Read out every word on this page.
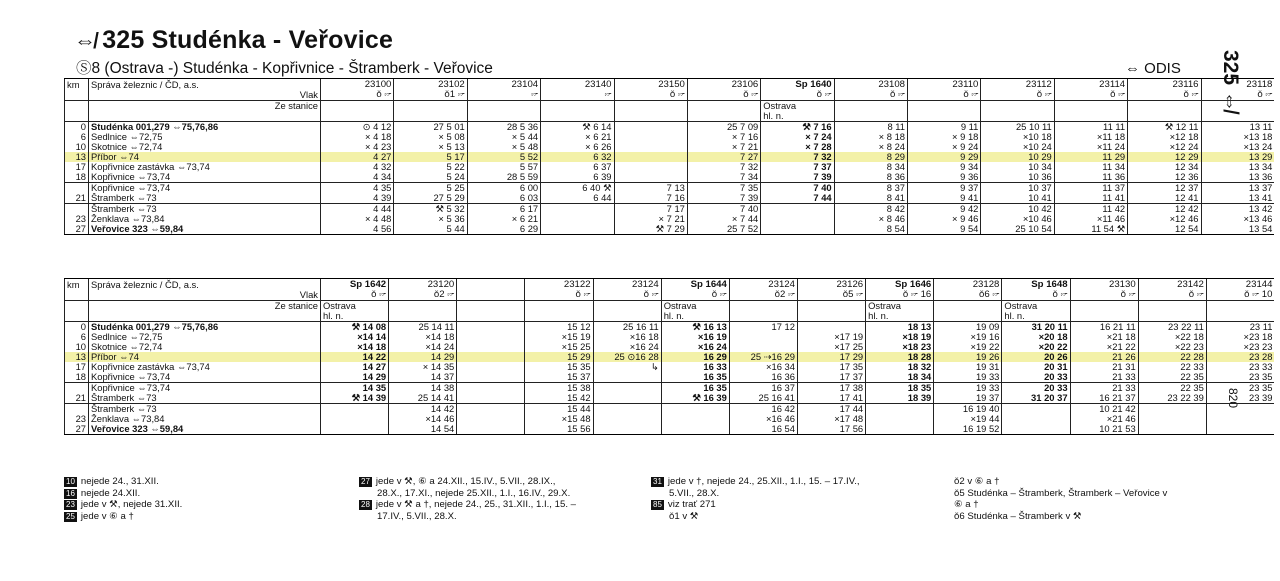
⇎ 325 Studénka - Veřovice
Ⓢ8 (Ostrava -) Studénka - Kopřivnice - Štramberk - Veřovice	⇔ ODIS 325 ⇎
820
km	Správa železnic / ČD, a.s.	23100	23102	23104	23140	23150	23106	Sp 1640	23108	23110	23112	23114	23116	23118
	Vlak	ǒ 🖙	ǒ1 🖙	🖙	🖙	ǒ 🖙	ǒ 🖙	ǒ 🖙	ǒ 🖙	ǒ 🖙	ǒ 🖙	ǒ 🖙	ǒ 🖙	ǒ 🖙
	Ze stanice							Ostrava						
								hl. n.						
0	Studénka 001,279 ⇔75,76,86	⊙ 4 12	27 5 01	28 5 36	⚒ 6 14		25 7 09	⚒ 7 16	8 11	9 11	25 10 11	11 11	⚒ 12 11	13 11
6	Sedlnice ⇔72,75	× 4 18	× 5 08	× 5 44	× 6 21		× 7 16	× 7 24	× 8 18	× 9 18	×10 18	×11 18	×12 18	×13 18
10	Skotnice ⇔72,74	× 4 23	× 5 13	× 5 48	× 6 26		× 7 21	× 7 28	× 8 24	× 9 24	×10 24	×11 24	×12 24	×13 24
13	Příbor ⇔74	4 27	5 17	5 52	6 32		7 27	7 32	8 29	9 29	10 29	11 29	12 29	13 29
17	Kopřivnice zastávka ⇔73,74	4 32	5 22	5 57	6 37		7 32	7 37	8 34	9 34	10 34	11 34	12 34	13 34
18	Kopřivnice ⇔73,74	4 34	5 24	28 5 59	6 39		7 34	7 39	8 36	9 36	10 36	11 36	12 36	13 36
	Kopřivnice ⇔73,74	4 35	5 25	6 00	6 40 ⚒	7 13	7 35	7 40	8 37	9 37	10 37	11 37	12 37	13 37
21	Štramberk ⇔73	4 39	27 5 29	6 03	6 44	7 16	7 39	7 44	8 41	9 41	10 41	11 41	12 41	13 41
	Štramberk ⇔73	4 44	⚒ 5 32	6 17		7 17	7 40		8 42	9 42	10 42	11 42	12 42	13 42
23	Ženklava ⇔73,84	× 4 48	× 5 36	× 6 21		× 7 21	× 7 44		× 8 46	× 9 46	×10 46	×11 46	×12 46	×13 46
27	Veřovice 323 ⇔59,84	4 56	5 44	6 29		⚒ 7 29	25 7 52		8 54	9 54	25 10 54	11 54 ⚒	12 54	13 54
km	Správa železnic / ČD, a.s.	Sp 1642	23120		23122	23124	Sp 1644	23124	23126	Sp 1646	23128	Sp 1648	23130	23142	23144
	Vlak	ǒ 🖙	ǒ2 🖙		ǒ 🖙	ǒ 🖙	ǒ 🖙	ǒ2 🖙	ǒ5 🖙	ǒ 🖙 16	ǒ6 🖙	ǒ 🖙	ǒ 🖙	ǒ 🖙	ǒ 🖙 10
	Ze stanice	Ostrava					Ostrava			Ostrava		Ostrava			
		hl. n.					hl. n.			hl. n.		hl. n.			
0	Studénka 001,279 ⇔75,76,86	⚒ 14 08	25 14 11		15 12	25 16 11	⚒ 16 13	17 12		18 13	19 09	31 20 11	16 21 11	23 22 11	23 11
6	Sedlnice ⇔72,75	×14 14	×14 18		×15 19	×16 18	×16 19		×17 19	×18 19	×19 16	×20 18	×21 18	×22 18	×23 18
10	Skotnice ⇔72,74	×14 18	×14 24		×15 25	×16 24	×16 24		×17 25	×18 23	×19 22	×20 22	×21 22	×22 23	×23 23
13	Příbor ⇔74	14 22	14 29		15 29	25 ⊙16 28	16 29	25 ⇢16 29	17 29	18 28	19 26	20 26	21 26	22 28	23 28
17	Kopřivnice zastávka ⇔73,74	14 27	× 14 35		15 35	↳	16 33	×16 34	17 35	18 32	19 31	20 31	21 31	22 33	23 33
18	Kopřivnice ⇔73,74	14 29	14 37		15 37		16 35	16 36	17 37	18 34	19 33	20 33	21 33	22 35	23 35
	Kopřivnice ⇔73,74	14 35	14 38		15 38		16 35	16 37	17 38	18 35	19 33	20 33	21 33	22 35	23 35
21	Štramberk ⇔73	⚒ 14 39	25 14 41		15 42		⚒ 16 39	25 16 41	17 41	18 39	19 37	31 20 37	16 21 37	23 22 39	23 39
	Štramberk ⇔73		14 42		15 44			16 42	17 44		16 19 40		10 21 42		
23	Ženklava ⇔73,84		×14 46		×15 48			×16 46	×17 48		×19 44		×21 46		
27	Veřovice 323 ⇔59,84		14 54		15 56			16 54	17 56		16 19 52		10 21 53		
10 nejede 24., 31.XII.
16 nejede 24.XII.
23 jede v ⚒, nejede 31.XII.
25 jede v ⑥ a †
27 jede v ⚒, ⑥ a 24.XII., 15.IV., 5.VII., 28.IX.,
28.X., 17.XI., nejede 25.XII., 1.I., 16.IV., 29.X.
28 jede v ⚒ a †, nejede 24., 25., 31.XII., 1.I., 15. –
17.IV., 5.VII., 28.X.
31 jede v †, nejede 24., 25.XII., 1.I., 15. – 17.IV.,
5.VII., 28.X.
85 viz trať 271
ǒ1 v ⚒
ǒ2 v ⑥ a †
ǒ5 Studénka – Štramberk, Štramberk – Veřovice v
⑥ a †
ǒ6 Studénka – Štramberk v ⚒
